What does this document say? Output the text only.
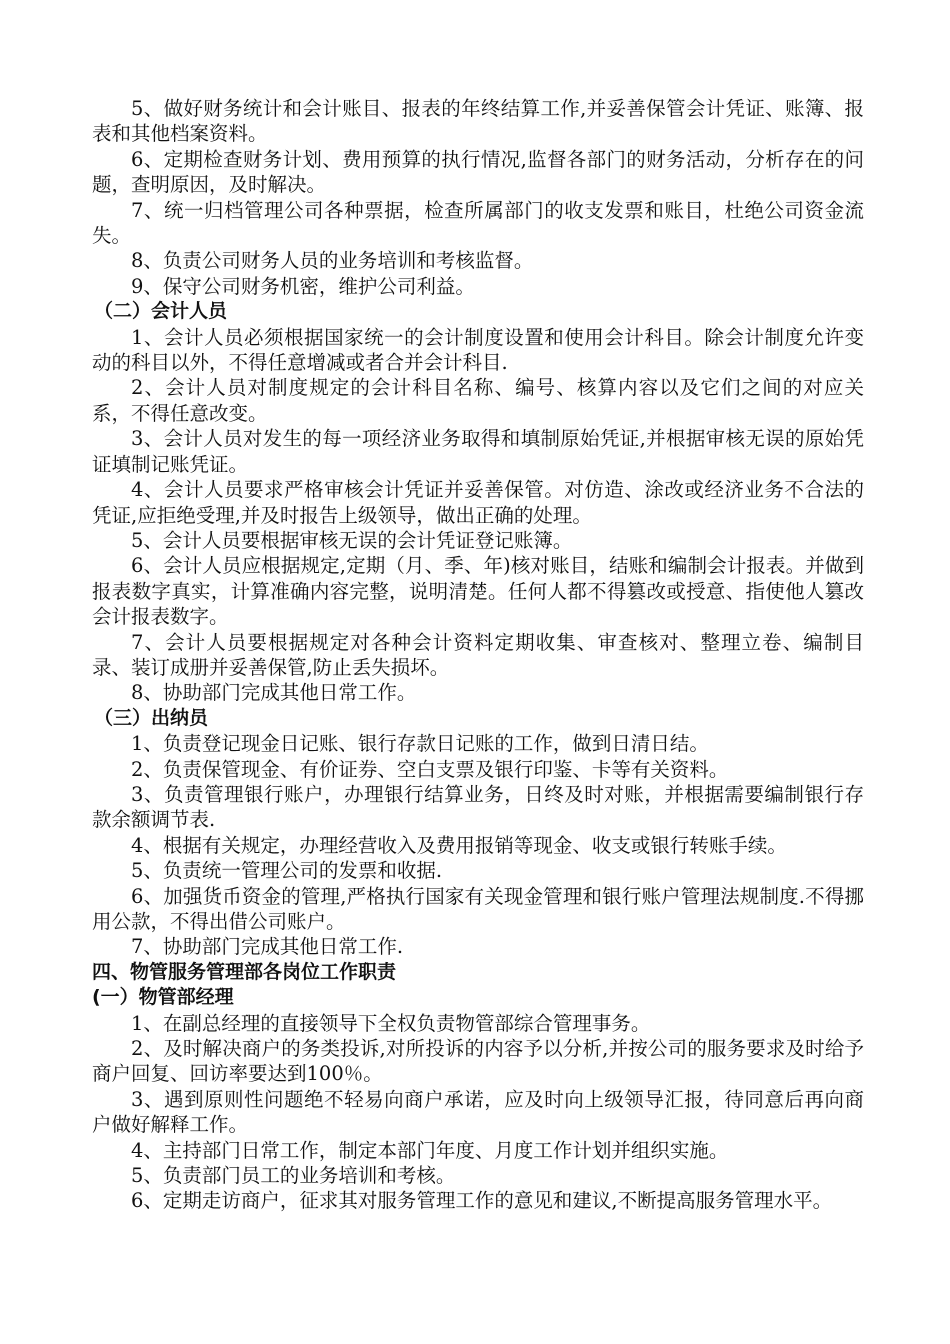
5、做好财务统计和会计账目、报表的年终结算工作,并妥善保管会计凭证、账簿、报表和其他档案资料。

6、定期检查财务计划、费用预算的执行情况,监督各部门的财务活动，分析存在的问题，查明原因，及时解决。

7、统一归档管理公司各种票据，检查所属部门的收支发票和账目，杜绝公司资金流失。

8、负责公司财务人员的业务培训和考核监督。

9、保守公司财务机密，维护公司利益。

（二）会计人员

1、会计人员必须根据国家统一的会计制度设置和使用会计科目。除会计制度允许变动的科目以外，不得任意增减或者合并会计科目.

2、会计人员对制度规定的会计科目名称、编号、核算内容以及它们之间的对应关系，不得任意改变。

3、会计人员对发生的每一项经济业务取得和填制原始凭证,并根据审核无误的原始凭证填制记账凭证。

4、会计人员要求严格审核会计凭证并妥善保管。对仿造、涂改或经济业务不合法的凭证,应拒绝受理,并及时报告上级领导，做出正确的处理。

5、会计人员要根据审核无误的会计凭证登记账簿。

6、会计人员应根据规定,定期（月、季、年)核对账目，结账和编制会计报表。并做到报表数字真实，计算准确内容完整，说明清楚。任何人都不得篡改或授意、指使他人篡改会计报表数字。

7、会计人员要根据规定对各种会计资料定期收集、审查核对、整理立卷、编制目录、装订成册并妥善保管,防止丢失损坏。

8、协助部门完成其他日常工作。

（三）出纳员

1、负责登记现金日记账、银行存款日记账的工作，做到日清日结。

2、负责保管现金、有价证券、空白支票及银行印鉴、卡等有关资料。

3、负责管理银行账户，办理银行结算业务，日终及时对账，并根据需要编制银行存款余额调节表.

4、根据有关规定，办理经营收入及费用报销等现金、收支或银行转账手续。

5、负责统一管理公司的发票和收据.

6、加强货币资金的管理,严格执行国家有关现金管理和银行账户管理法规制度.不得挪用公款，不得出借公司账户。

7、协助部门完成其他日常工作.

四、物管服务管理部各岗位工作职责

(一）物管部经理

1、在副总经理的直接领导下全权负责物管部综合管理事务。

2、及时解决商户的务类投诉,对所投诉的内容予以分析,并按公司的服务要求及时给予商户回复、回访率要达到100％。

3、遇到原则性问题绝不轻易向商户承诺，应及时向上级领导汇报，待同意后再向商户做好解释工作。

4、主持部门日常工作，制定本部门年度、月度工作计划并组织实施。

5、负责部门员工的业务培训和考核。

6、定期走访商户，征求其对服务管理工作的意见和建议,不断提高服务管理水平。
